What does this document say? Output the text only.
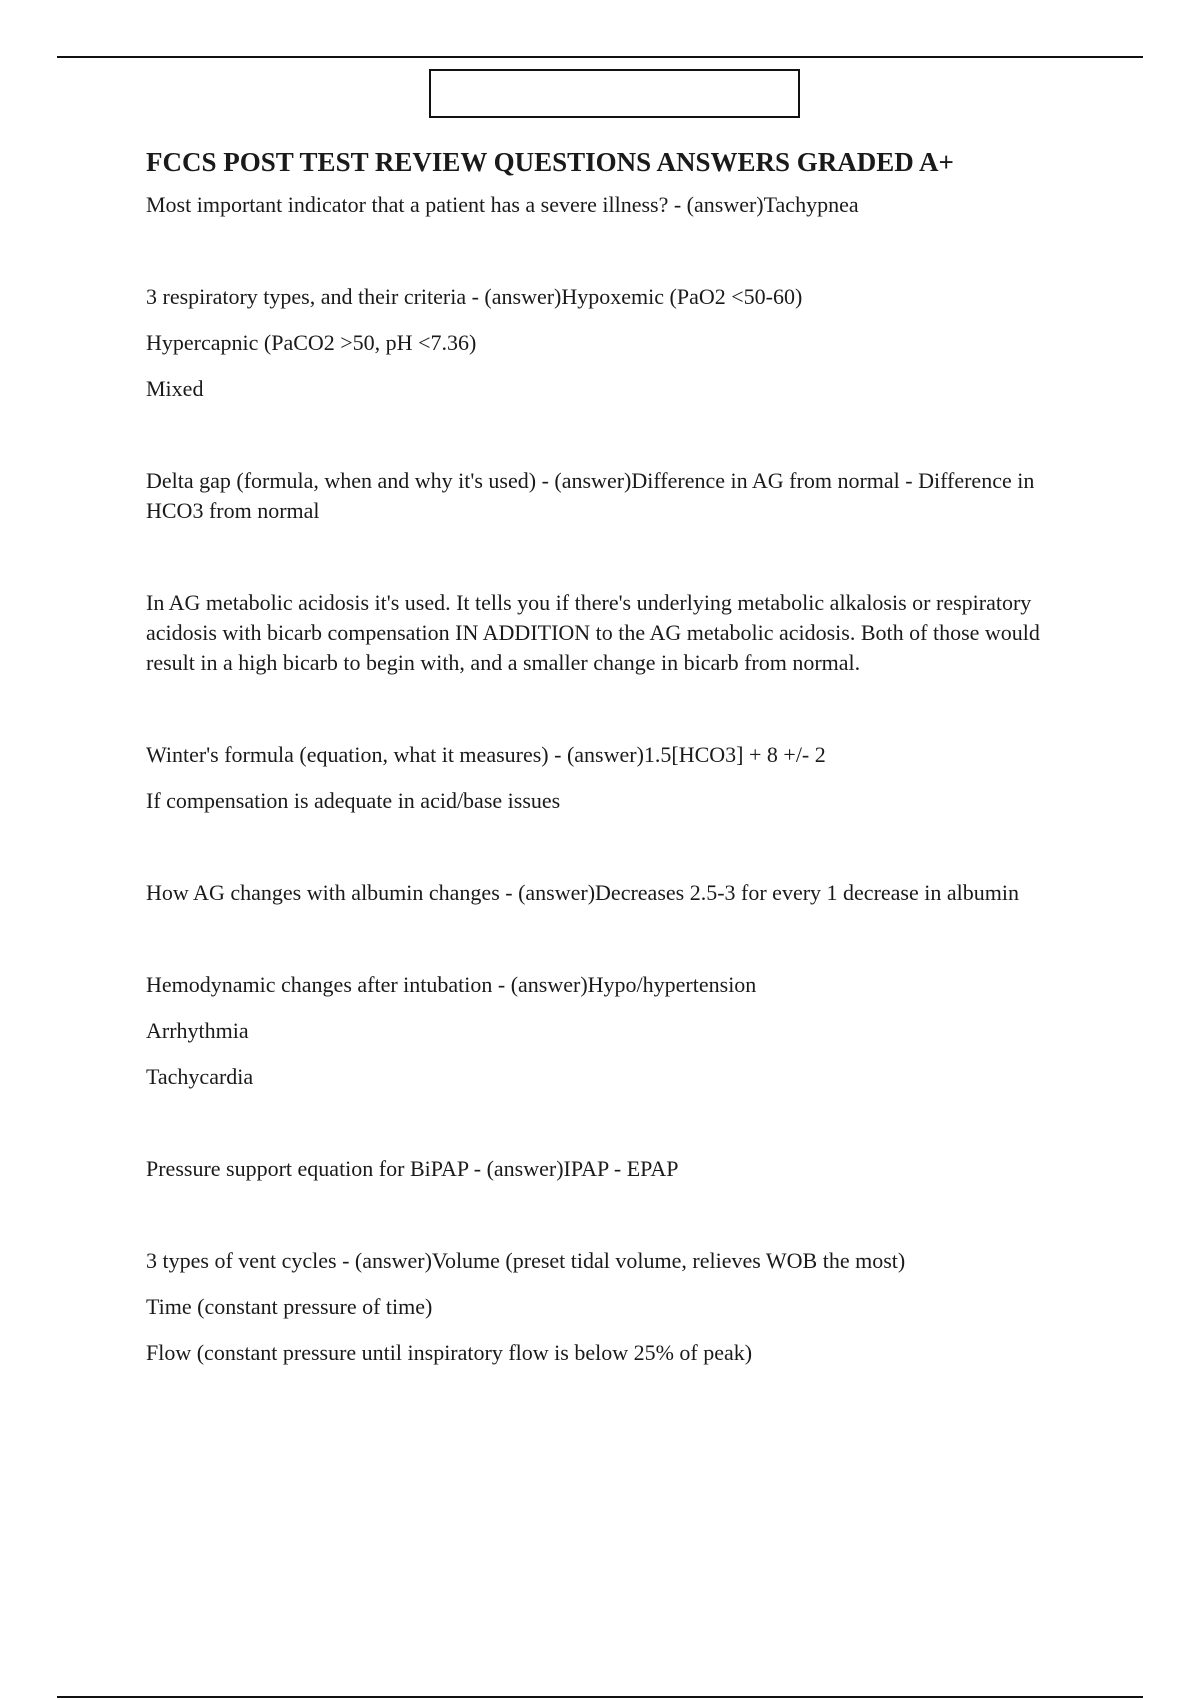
FCCS POST TEST REVIEW QUESTIONS ANSWERS GRADED A+

Most important indicator that a patient has a severe illness? - (answer)Tachypnea

3 respiratory types, and their criteria - (answer)Hypoxemic (PaO2 <50-60)

Hypercapnic (PaCO2 >50, pH <7.36)

Mixed

Delta gap (formula, when and why it's used) - (answer)Difference in AG from normal - Difference in HCO3 from normal

In AG metabolic acidosis it's used. It tells you if there's underlying metabolic alkalosis or respiratory acidosis with bicarb compensation IN ADDITION to the AG metabolic acidosis. Both of those would result in a high bicarb to begin with, and a smaller change in bicarb from normal.

Winter's formula (equation, what it measures) - (answer)1.5[HCO3] + 8 +/- 2

If compensation is adequate in acid/base issues

How AG changes with albumin changes - (answer)Decreases 2.5-3 for every 1 decrease in albumin

Hemodynamic changes after intubation - (answer)Hypo/hypertension

Arrhythmia

Tachycardia

Pressure support equation for BiPAP - (answer)IPAP - EPAP

3 types of vent cycles - (answer)Volume (preset tidal volume, relieves WOB the most)

Time (constant pressure of time)

Flow (constant pressure until inspiratory flow is below 25% of peak)
